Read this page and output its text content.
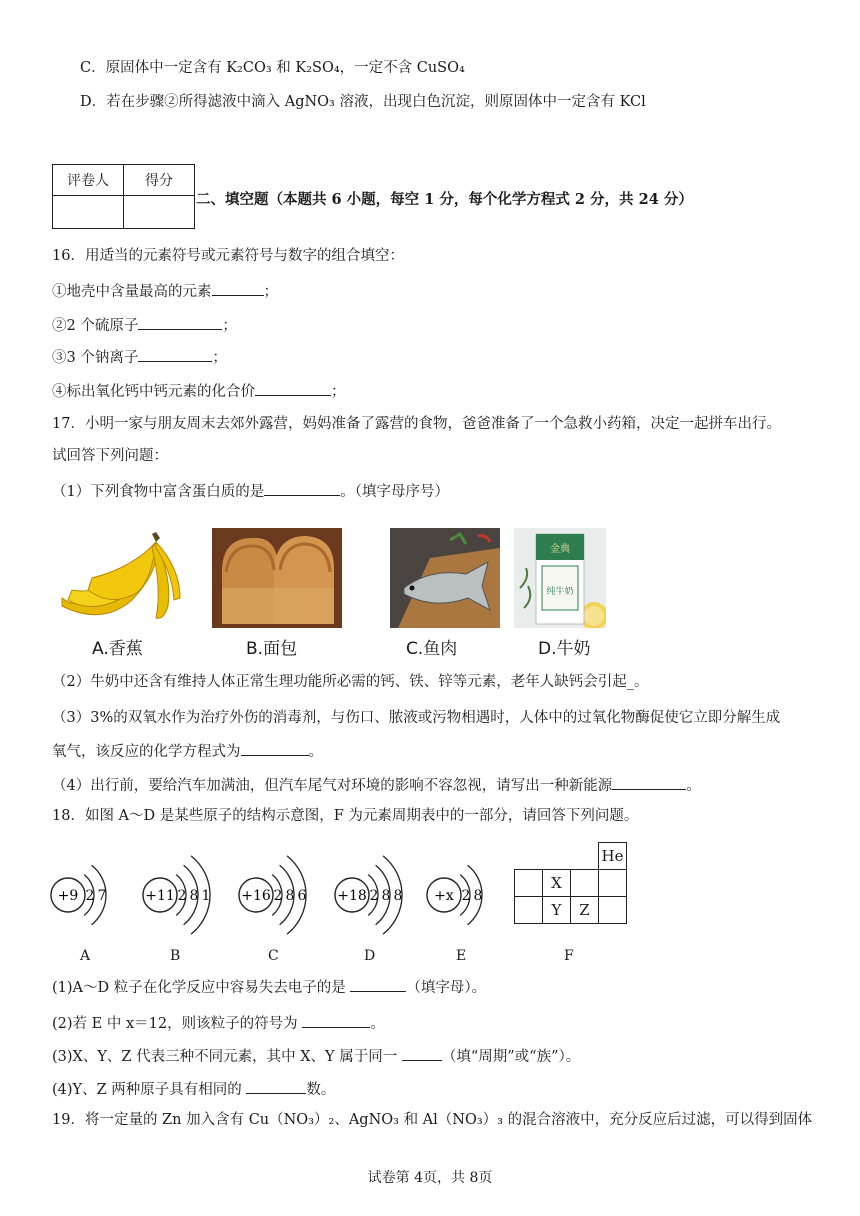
C．原固体中一定含有 K₂CO₃ 和 K₂SO₄，一定不含 CuSO₄
D．若在步骤②所得滤液中滴入 AgNO₃ 溶液，出现白色沉淀，则原固体中一定含有 KCl
评卷人	得分

二、填空题（本题共 6 小题，每空 1 分，每个化学方程式 2 分，共 24 分）
16．用适当的元素符号或元素符号与数字的组合填空：
①地壳中含量最高的元素	；
②2 个硫原子	；
③3 个钠离子	；
④标出氧化钙中钙元素的化合价	；
17．小明一家与朋友周末去郊外露营，妈妈准备了露营的食物，爸爸准备了一个急救小药箱，决定一起拼车出行。
试回答下列问题：
（1）下列食物中富含蛋白质的是	。（填字母序号）
金典
纯牛奶
A.香蕉	B.面包	C.鱼肉	D.牛奶
（2）牛奶中还含有维持人体正常生理功能所必需的钙、铁、锌等元素，老年人缺钙会引起_。
（3）3%的双氧水作为治疗外伤的消毒剂，与伤口、脓液或污物相遇时，人体中的过氧化物酶促使它立即分解生成
氧气，该反应的化学方程式为	。
（4）出行前，要给汽车加满油，但汽车尾气对环境的影响不容忽视，请写出一种新能源	。
18．如图 A～D 是某些原子的结构示意图，F 为元素周期表中的一部分，请回答下列问题。
+9 2 7	+11 2 8 1 +16 2 8 6 +18 2 8 8 +x 2 8
A	B	C	D	E
			He
	X		
	Y	Z	
F
(1)A～D 粒子在化学反应中容易失去电子的是	（填字母）。
(2)若 E 中 x＝12，则该粒子的符号为	。
(3)X、Y、Z 代表三种不同元素，其中 X、Y 属于同一	（填“周期”或“族”）。
(4)Y、Z 两种原子具有相同的	数。
19．将一定量的 Zn 加入含有 Cu（NO₃）₂、AgNO₃ 和 Al（NO₃）₃ 的混合溶液中，充分反应后过滤，可以得到固体
试卷第 4页，共 8页
